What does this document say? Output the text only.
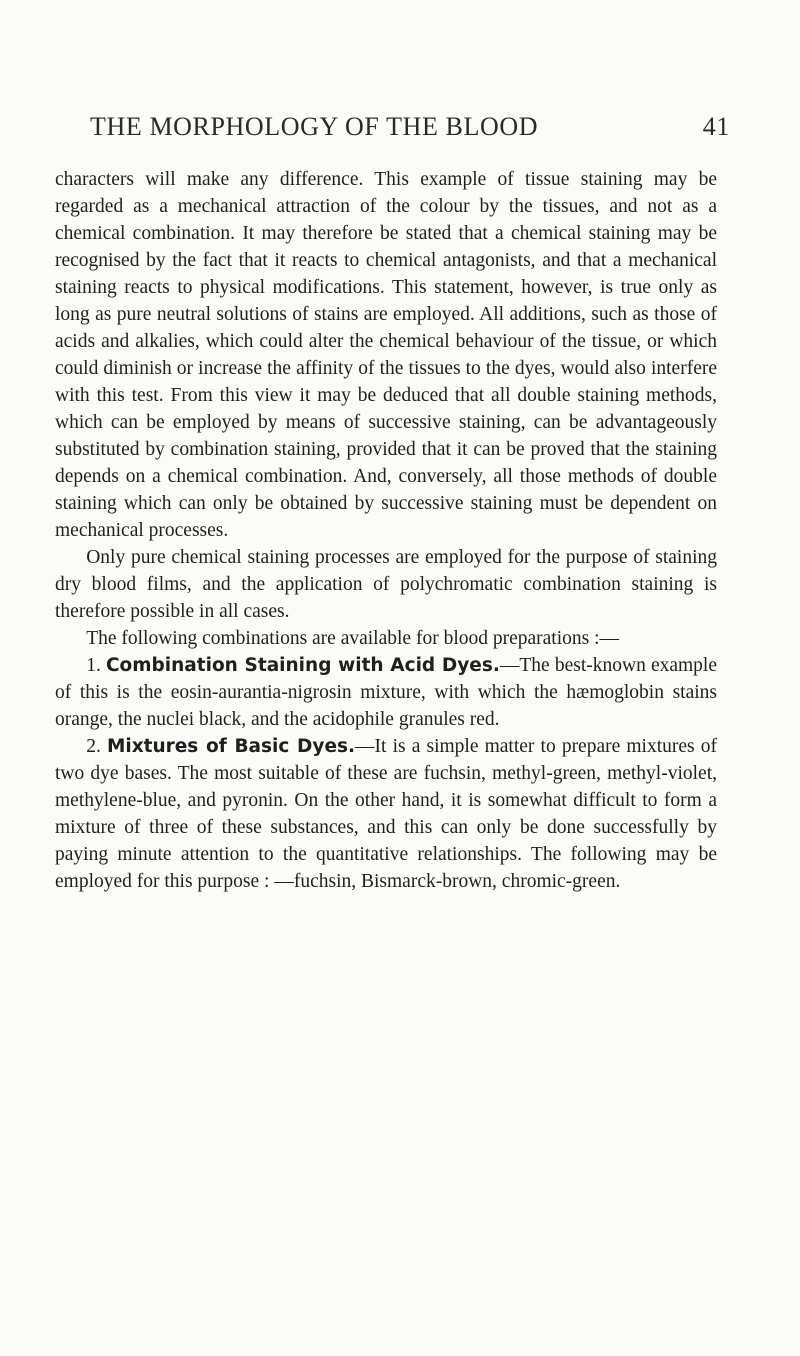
THE MORPHOLOGY OF THE BLOOD	41

characters will make any difference. This example of tissue staining may be regarded as a mechanical attraction of the colour by the tissues, and not as a chemical combination. It may therefore be stated that a chemical staining may be recognised by the fact that it reacts to chemical antagonists, and that a mechanical staining reacts to physical modifications. This statement, however, is true only as long as pure neutral solutions of stains are employed. All additions, such as those of acids and alkalies, which could alter the chemical behaviour of the tissue, or which could diminish or increase the affinity of the tissues to the dyes, would also interfere with this test. From this view it may be deduced that all double staining methods, which can be employed by means of successive staining, can be advantageously substituted by combination staining, provided that it can be proved that the staining depends on a chemical combination. And, conversely, all those methods of double staining which can only be obtained by successive staining must be dependent on mechanical processes.

Only pure chemical staining processes are employed for the purpose of staining dry blood films, and the application of polychromatic combination staining is therefore possible in all cases.

The following combinations are available for blood preparations :—

1. Combination Staining with Acid Dyes.—The best-known example of this is the eosin-aurantia-nigrosin mixture, with which the hæmoglobin stains orange, the nuclei black, and the acidophile granules red.

2. Mixtures of Basic Dyes.—It is a simple matter to prepare mixtures of two dye bases. The most suitable of these are fuchsin, methyl-green, methyl-violet, methylene-blue, and pyronin. On the other hand, it is somewhat difficult to form a mixture of three of these substances, and this can only be done successfully by paying minute attention to the quantitative relationships. The following may be employed for this purpose : —fuchsin, Bismarck-brown, chromic-green.
